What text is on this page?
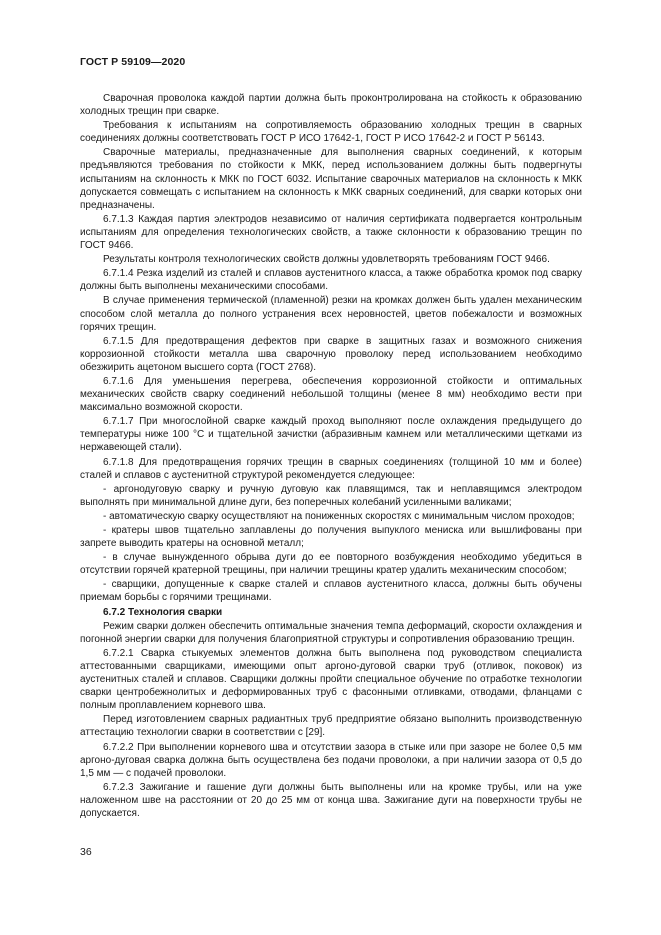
ГОСТ Р 59109—2020

Сварочная проволока каждой партии должна быть проконтролирована на стойкость к образованию холодных трещин при сварке.

Требования к испытаниям на сопротивляемость образованию холодных трещин в сварных соединениях должны соответствовать ГОСТ Р ИСО 17642-1, ГОСТ Р ИСО 17642-2 и ГОСТ Р 56143.

Сварочные материалы, предназначенные для выполнения сварных соединений, к которым предъявляются требования по стойкости к МКК, перед использованием должны быть подвергнуты испытаниям на склонность к МКК по ГОСТ 6032. Испытание сварочных материалов на склонность к МКК допускается совмещать с испытанием на склонность к МКК сварных соединений, для сварки которых они предназначены.

6.7.1.3 Каждая партия электродов независимо от наличия сертификата подвергается контрольным испытаниям для определения технологических свойств, а также склонности к образованию трещин по ГОСТ 9466.

Результаты контроля технологических свойств должны удовлетворять требованиям ГОСТ 9466.

6.7.1.4 Резка изделий из сталей и сплавов аустенитного класса, а также обработка кромок под сварку должны быть выполнены механическими способами.

В случае применения термической (пламенной) резки на кромках должен быть удален механическим способом слой металла до полного устранения всех неровностей, цветов побежалости и возможных горячих трещин.

6.7.1.5 Для предотвращения дефектов при сварке в защитных газах и возможного снижения коррозионной стойкости металла шва сварочную проволоку перед использованием необходимо обезжирить ацетоном высшего сорта (ГОСТ 2768).

6.7.1.6 Для уменьшения перегрева, обеспечения коррозионной стойкости и оптимальных механических свойств сварку соединений небольшой толщины (менее 8 мм) необходимо вести при максимально возможной скорости.

6.7.1.7 При многослойной сварке каждый проход выполняют после охлаждения предыдущего до температуры ниже 100 °С и тщательной зачистки (абразивным камнем или металлическими щетками из нержавеющей стали).

6.7.1.8 Для предотвращения горячих трещин в сварных соединениях (толщиной 10 мм и более) сталей и сплавов с аустенитной структурой рекомендуется следующее:

- аргонодуговую сварку и ручную дуговую как плавящимся, так и неплавящимся электродом выполнять при минимальной длине дуги, без поперечных колебаний усиленными валиками;

- автоматическую сварку осуществляют на пониженных скоростях с минимальным числом проходов;

- кратеры швов тщательно заплавлены до получения выпуклого мениска или вышлифованы при запрете выводить кратеры на основной металл;

- в случае вынужденного обрыва дуги до ее повторного возбуждения необходимо убедиться в отсутствии горячей кратерной трещины, при наличии трещины кратер удалить механическим способом;

- сварщики, допущенные к сварке сталей и сплавов аустенитного класса, должны быть обучены приемам борьбы с горячими трещинами.

6.7.2 Технология сварки

Режим сварки должен обеспечить оптимальные значения темпа деформаций, скорости охлаждения и погонной энергии сварки для получения благоприятной структуры и сопротивления образованию трещин.

6.7.2.1 Сварка стыкуемых элементов должна быть выполнена под руководством специалиста аттестованными сварщиками, имеющими опыт аргоно-дуговой сварки труб (отливок, поковок) из аустенитных сталей и сплавов. Сварщики должны пройти специальное обучение по отработке технологии сварки центробежнолитых и деформированных труб с фасонными отливками, отводами, фланцами с полным проплавлением корневого шва.

Перед изготовлением сварных радиантных труб предприятие обязано выполнить производственную аттестацию технологии сварки в соответствии с [29].

6.7.2.2 При выполнении корневого шва и отсутствии зазора в стыке или при зазоре не более 0,5 мм аргоно-дуговая сварка должна быть осуществлена без подачи проволоки, а при наличии зазора от 0,5 до 1,5 мм — с подачей проволоки.

6.7.2.3 Зажигание и гашение дуги должны быть выполнены или на кромке трубы, или на уже наложенном шве на расстоянии от 20 до 25 мм от конца шва. Зажигание дуги на поверхности трубы не допускается.

36
